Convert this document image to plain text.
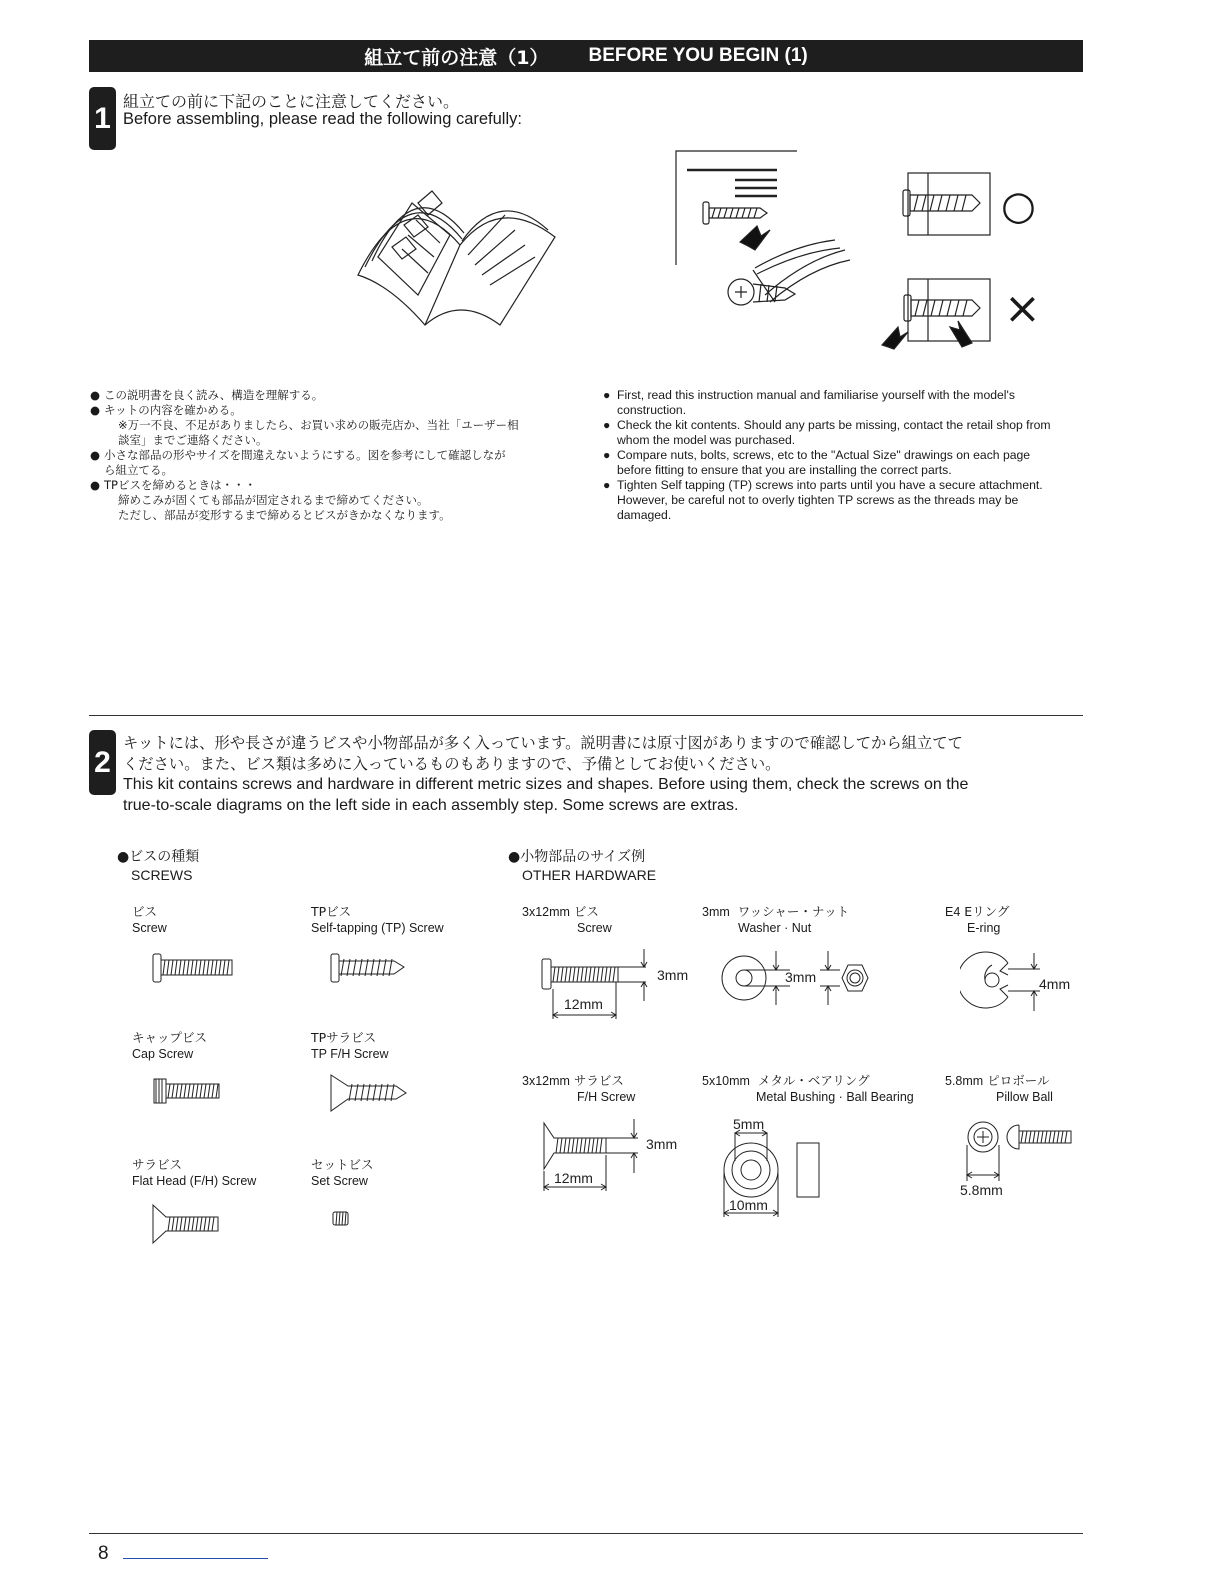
組立て前の注意（1） BEFORE YOU BEGIN (1)
1 組立ての前に下記のことに注意してください。
Before assembling, please read the following carefully:
○
×

● この説明書を良く読み、構造を理解する。

● キットの内容を確かめる。

※万一不良、不足がありましたら、お買い求めの販売店か、当社「ユーザー相

談室」までご連絡ください。

● 小さな部品の形やサイズを間違えないようにする。図を参考にして確認しなが

ら組立てる。

● TPビスを締めるときは・・・

締めこみが固くても部品が固定されるまで締めてください。

ただし、部品が変形するまで締めるとビスがきかなくなります。

● First, read this instruction manual and familiarise yourself with the model's

construction.

● Check the kit contents. Should any parts be missing, contact the retail shop from

whom the model was purchased.

● Compare nuts, bolts, screws, etc to the "Actual Size" drawings on each page

before fitting to ensure that you are installing the correct parts.

● Tighten Self tapping (TP) screws into parts until you have a secure attachment.

However, be careful not to overly tighten TP screws as the threads may be

damaged.

2
キットには、形や長さが違うビスや小物部品が多く入っています。説明書には原寸図がありますので確認してから組立てて
ください。また、ビス類は多めに入っているものもありますので、予備としてお使いください。
This kit contains screws and hardware in different metric sizes and shapes. Before using them, check the screws on the
true-to-scale diagrams on the left side in each assembly step. Some screws are extras.
●ビスの種類
SCREWS
●小物部品のサイズ例
OTHER HARDWARE
ビス
Screw
TPビス
Self-tapping (TP) Screw
キャップビス
Cap Screw
TPサラビス
TP F/H Screw
サラビス
Flat Head (F/H) Screw
セットビス
Set Screw
3x12mm ビス
Screw
3mm ワッシャー・ナット
Washer · Nut
E4 Eリング
E-ring
3x12mm サラビス
F/H Screw
5x10mm メタル・ベアリング
Metal Bushing · Ball Bearing
5.8mm ピロボール
Pillow Ball
3mm
12mm
3mm	4mm
3mm
12mm
5mm
10mm
5.8mm
8
